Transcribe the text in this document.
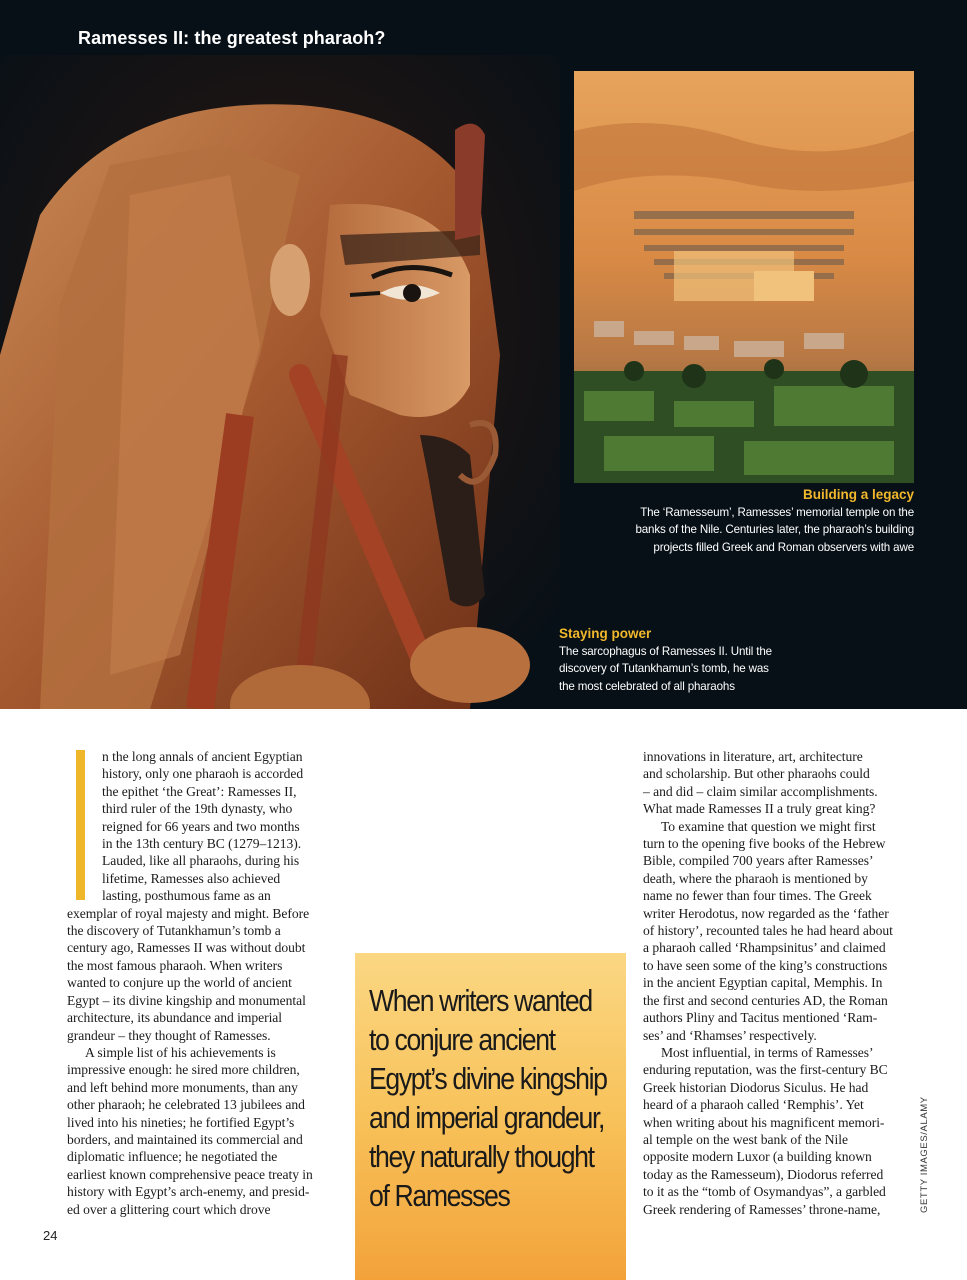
Ramesses II: the greatest pharaoh?
Building a legacy
The ‘Ramesseum’, Ramesses’ memorial temple on the
banks of the Nile. Centuries later, the pharaoh’s building
projects filled Greek and Roman observers with awe
Staying power
The sarcophagus of Ramesses II. Until the
discovery of Tutankhamun’s tomb, he was
the most celebrated of all pharaohs
n the long annals of ancient Egyptian
history, only one pharaoh is accorded
the epithet ‘the Great’: Ramesses II,
third ruler of the 19th dynasty, who
reigned for 66 years and two months
in the 13th century BC (1279–1213).
Lauded, like all pharaohs, during his
lifetime, Ramesses also achieved
lasting, posthumous fame as an
exemplar of royal majesty and might. Before
the discovery of Tutankhamun’s tomb a
century ago, Ramesses II was without doubt
the most famous pharaoh. When writers
wanted to conjure up the world of ancient
Egypt – its divine kingship and monumental
architecture, its abundance and imperial
grandeur – they thought of Ramesses.
A simple list of his achievements is
impressive enough: he sired more children,
and left behind more monuments, than any
other pharaoh; he celebrated 13 jubilees and
lived into his nineties; he fortified Egypt’s
borders, and maintained its commercial and
diplomatic influence; he negotiated the
earliest known comprehensive peace treaty in
history with Egypt’s arch-enemy, and presid-
ed over a glittering court which drove
innovations in literature, art, architecture
and scholarship. But other pharaohs could
– and did – claim similar accomplishments.
What made Ramesses II a truly great king?
To examine that question we might first
turn to the opening five books of the Hebrew
Bible, compiled 700 years after Ramesses’
death, where the pharaoh is mentioned by
name no fewer than four times. The Greek
writer Herodotus, now regarded as the ‘father
of history’, recounted tales he had heard about
a pharaoh called ‘Rhampsinitus’ and claimed
to have seen some of the king’s constructions
in the ancient Egyptian capital, Memphis. In
the first and second centuries AD, the Roman
authors Pliny and Tacitus mentioned ‘Ram-
ses’ and ‘Rhamses’ respectively.
Most influential, in terms of Ramesses’
enduring reputation, was the first-century BC
Greek historian Diodorus Siculus. He had
heard of a pharaoh called ‘Remphis’. Yet
when writing about his magnificent memori-
al temple on the west bank of the Nile
opposite modern Luxor (a building known
today as the Ramesseum), Diodorus referred
to it as the “tomb of Osymandyas”, a garbled
Greek rendering of Ramesses’ throne-name,
When writers wanted
to conjure ancient
Egypt’s divine kingship
and imperial grandeur,
they naturally thought
of Ramesses
24
GETTY IMAGES/ALAMY
